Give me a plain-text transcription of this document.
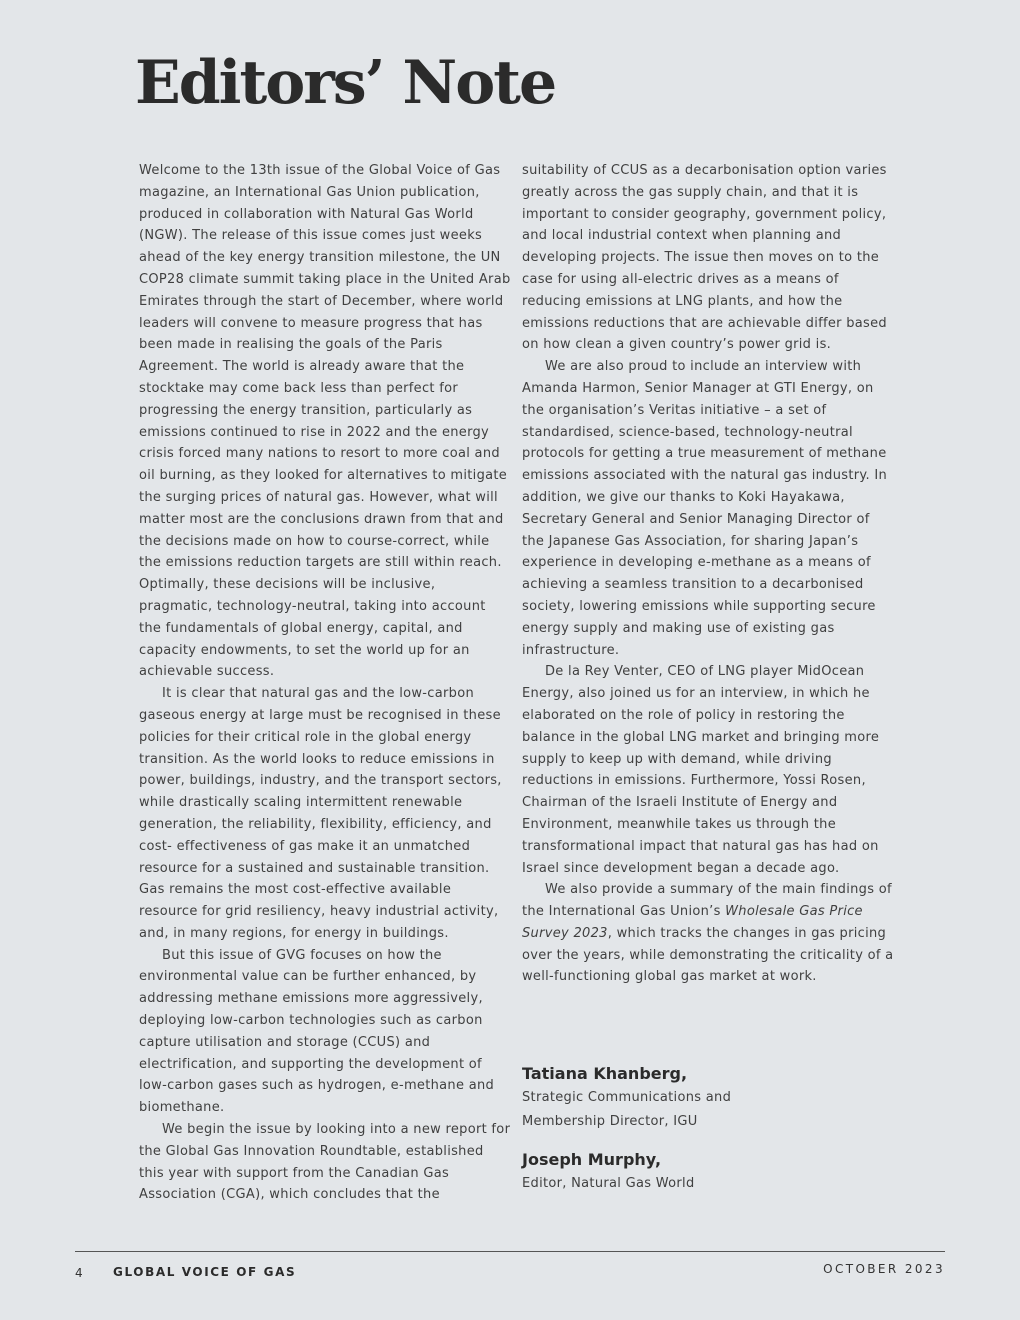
Editors’ Note

Welcome to the 13th issue of the Global Voice of Gas magazine, an International Gas Union publication, produced in collaboration with Natural Gas World (NGW). The release of this issue comes just weeks ahead of the key energy transition milestone, the UN COP28 climate summit taking place in the United Arab Emirates through the start of December, where world leaders will convene to measure progress that has been made in realising the goals of the Paris Agreement. The world is already aware that the stocktake may come back less than perfect for progressing the energy transition, particularly as emissions continued to rise in 2022 and the energy crisis forced many nations to resort to more coal and oil burning, as they looked for alternatives to mitigate the surging prices of natural gas. However, what will matter most are the conclusions drawn from that and the decisions made on how to course-correct, while the emissions reduction targets are still within reach. Optimally, these decisions will be inclusive, pragmatic, technology-neutral, taking into account the fundamentals of global energy, capital, and capacity endowments, to set the world up for an achievable success.

It is clear that natural gas and the low-carbon gaseous energy at large must be recognised in these policies for their critical role in the global energy transition. As the world looks to reduce emissions in power, buildings, industry, and the transport sectors, while drastically scaling intermittent renewable generation, the reliability, flexibility, efficiency, and cost- effectiveness of gas make it an unmatched resource for a sustained and sustainable transition. Gas remains the most cost-effective available resource for grid resiliency, heavy industrial activity, and, in many regions, for energy in buildings.

But this issue of GVG focuses on how the environmental value can be further enhanced, by addressing methane emissions more aggressively, deploying low-carbon technologies such as carbon capture utilisation and storage (CCUS) and electrification, and supporting the development of low-carbon gases such as hydrogen, e-methane and biomethane.

We begin the issue by looking into a new report for the Global Gas Innovation Roundtable, established this year with support from the Canadian Gas Association (CGA), which concludes that the

suitability of CCUS as a decarbonisation option varies greatly across the gas supply chain, and that it is important to consider geography, government policy, and local industrial context when planning and developing projects. The issue then moves on to the case for using all-electric drives as a means of reducing emissions at LNG plants, and how the emissions reductions that are achievable differ based on how clean a given country’s power grid is.

We are also proud to include an interview with Amanda Harmon, Senior Manager at GTI Energy, on the organisation’s Veritas initiative – a set of standardised, science-based, technology-neutral protocols for getting a true measurement of methane emissions associated with the natural gas industry. In addition, we give our thanks to Koki Hayakawa, Secretary General and Senior Managing Director of the Japanese Gas Association, for sharing Japan’s experience in developing e-methane as a means of achieving a seamless transition to a decarbonised society, lowering emissions while supporting secure energy supply and making use of existing gas infrastructure.

De la Rey Venter, CEO of LNG player MidOcean Energy, also joined us for an interview, in which he elaborated on the role of policy in restoring the balance in the global LNG market and bringing more supply to keep up with demand, while driving reductions in emissions. Furthermore, Yossi Rosen, Chairman of the Israeli Institute of Energy and Environment, meanwhile takes us through the transformational impact that natural gas has had on Israel since development began a decade ago.

We also provide a summary of the main findings of the International Gas Union’s Wholesale Gas Price Survey 2023, which tracks the changes in gas pricing over the years, while demonstrating the criticality of a well-functioning global gas market at work.

Tatiana Khanberg,
Strategic Communications and
Membership Director, IGU
Joseph Murphy,
Editor, Natural Gas World
4	GLOBAL VOICE OF GAS	OCTOBER 2023
